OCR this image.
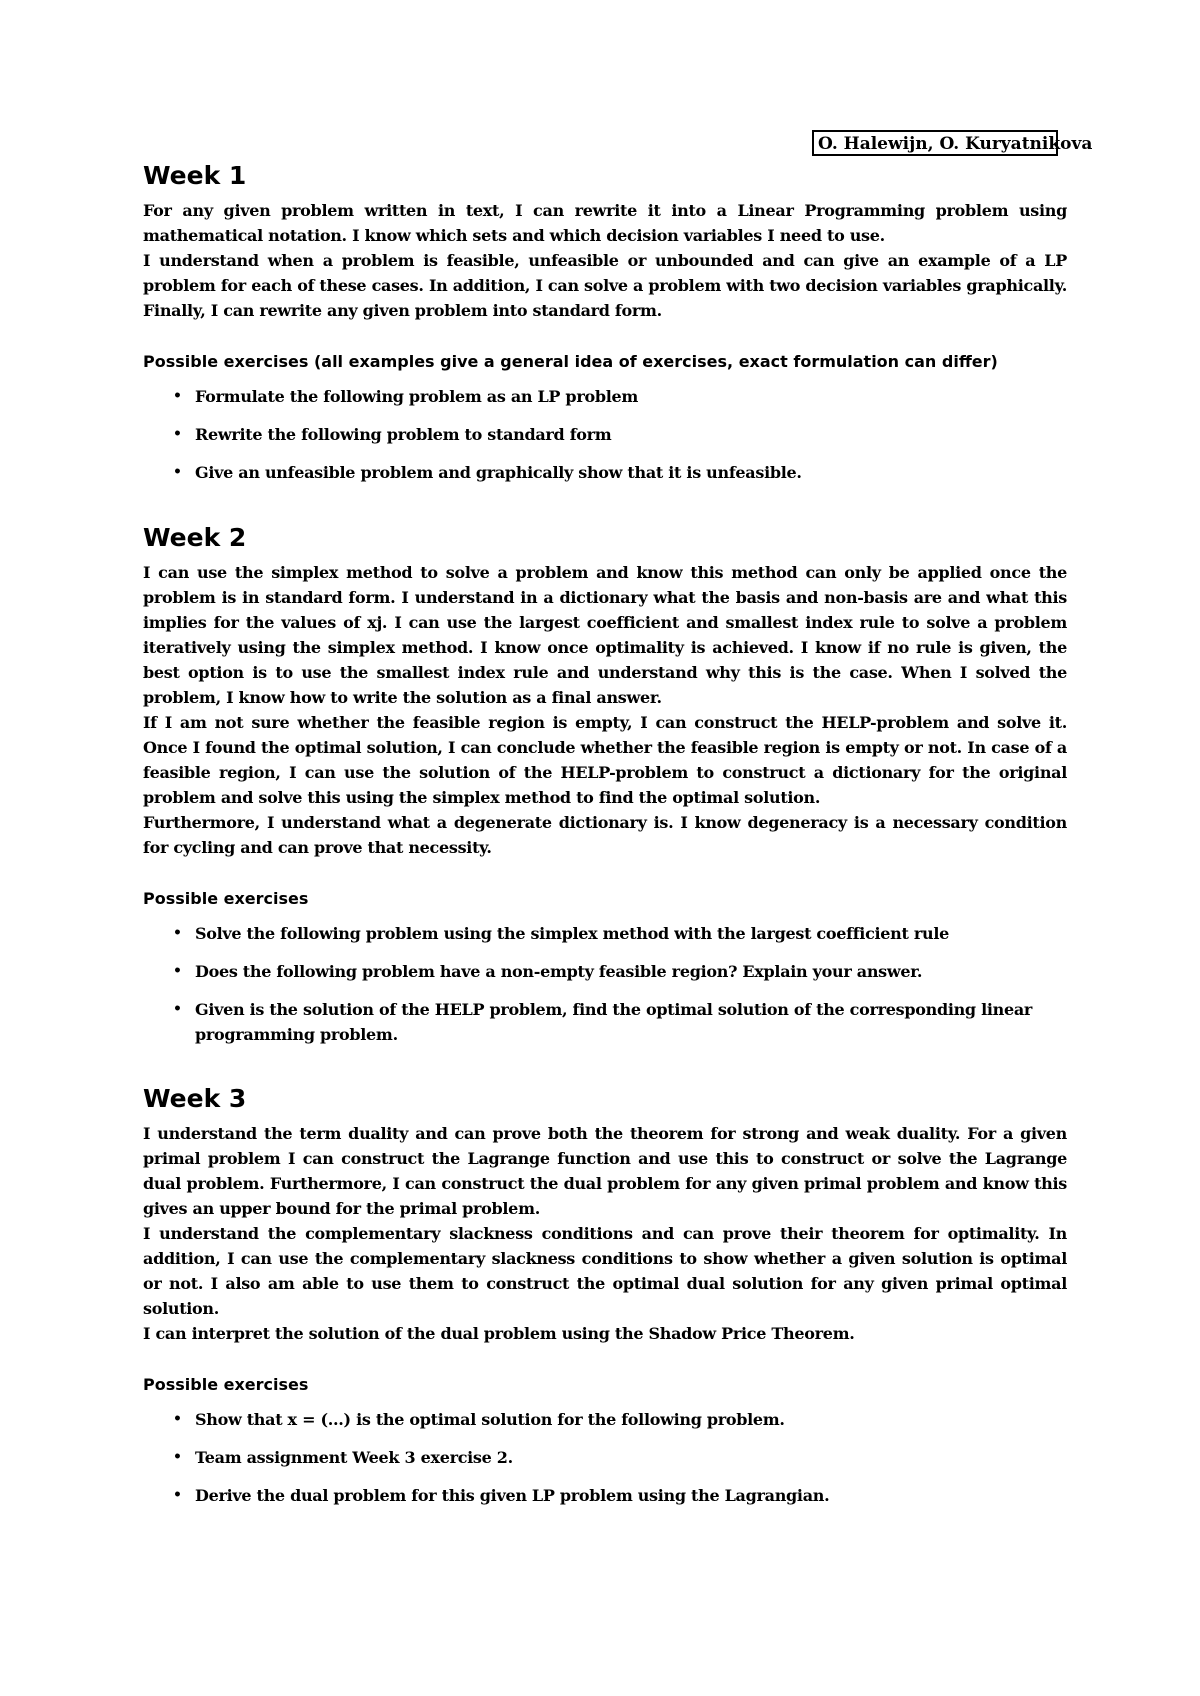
O. Halewijn, O. Kuryatnikova
Week 1

For any given problem written in text, I can rewrite it into a Linear Programming problem using mathematical notation. I know which sets and which decision variables I need to use.

I understand when a problem is feasible, unfeasible or unbounded and can give an example of a LP problem for each of these cases. In addition, I can solve a problem with two decision variables graphically. Finally, I can rewrite any given problem into standard form.

Possible exercises (all examples give a general idea of exercises, exact formulation can differ)
• Formulate the following problem as an LP problem
• Rewrite the following problem to standard form
• Give an unfeasible problem and graphically show that it is unfeasible.
Week 2

I can use the simplex method to solve a problem and know this method can only be applied once the problem is in standard form. I understand in a dictionary what the basis and non-basis are and what this implies for the values of xj. I can use the largest coefficient and smallest index rule to solve a problem iteratively using the simplex method. I know once optimality is achieved. I know if no rule is given, the best option is to use the smallest index rule and understand why this is the case. When I solved the problem, I know how to write the solution as a final answer.

If I am not sure whether the feasible region is empty, I can construct the HELP-problem and solve it. Once I found the optimal solution, I can conclude whether the feasible region is empty or not. In case of a feasible region, I can use the solution of the HELP-problem to construct a dictionary for the original problem and solve this using the simplex method to find the optimal solution.

Furthermore, I understand what a degenerate dictionary is. I know degeneracy is a necessary condition for cycling and can prove that necessity.

Possible exercises
• Solve the following problem using the simplex method with the largest coefficient rule
• Does the following problem have a non-empty feasible region? Explain your answer.
• Given is the solution of the HELP problem, find the optimal solution of the corresponding linear programming problem.
Week 3

I understand the term duality and can prove both the theorem for strong and weak duality. For a given primal problem I can construct the Lagrange function and use this to construct or solve the Lagrange dual problem. Furthermore, I can construct the dual problem for any given primal problem and know this gives an upper bound for the primal problem.

I understand the complementary slackness conditions and can prove their theorem for optimality. In addition, I can use the complementary slackness conditions to show whether a given solution is optimal or not. I also am able to use them to construct the optimal dual solution for any given primal optimal solution.

I can interpret the solution of the dual problem using the Shadow Price Theorem.

Possible exercises
• Show that x = (...) is the optimal solution for the following problem.
• Team assignment Week 3 exercise 2.
• Derive the dual problem for this given LP problem using the Lagrangian.
